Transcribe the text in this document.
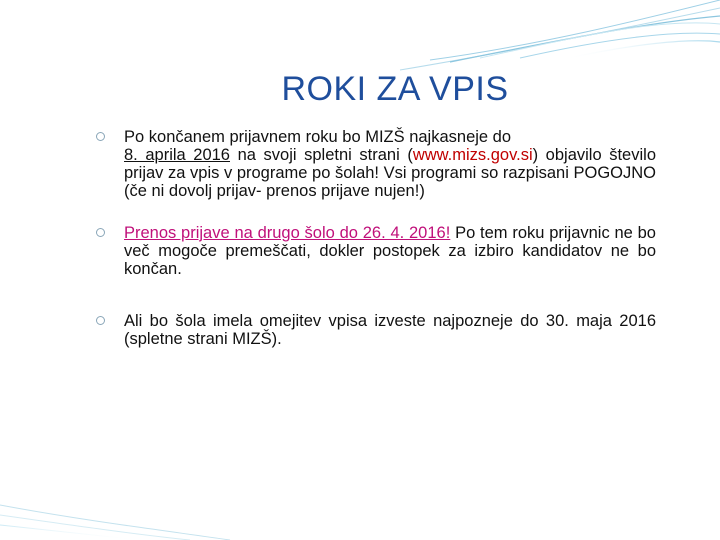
ROKI ZA VPIS
Po končanem prijavnem roku bo MIZŠ najkasneje do
8. aprila 2016 na svoji spletni strani (www.mizs.gov.si) objavilo število prijav za vpis v programe po šolah! Vsi programi so razpisani POGOJNO (če ni dovolj prijav- prenos prijave nujen!)
Prenos prijave na drugo šolo do 26. 4. 2016! Po tem roku prijavnic ne bo več mogoče premeščati, dokler postopek za izbiro kandidatov ne bo končan.
Ali bo šola imela omejitev vpisa izveste najpozneje do 30. maja 2016 (spletne strani MIZŠ).
